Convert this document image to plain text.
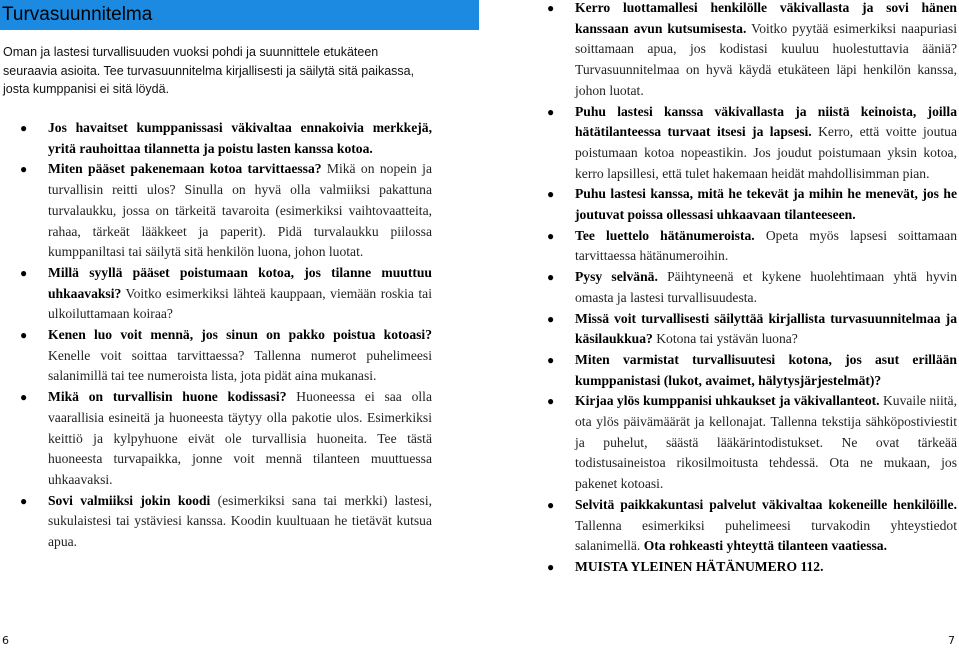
Turvasuunnitelma
Oman ja lastesi turvallisuuden vuoksi pohdi ja suunnittele etukäteen seuraavia asioita. Tee turvasuunnitelma kirjallisesti ja säilytä sitä paikassa, josta kumppanisi ei sitä löydä.
● Jos havaitset kumppanissasi väkivaltaa ennakoivia merkkejä, yritä rauhoittaa tilannetta ja poistu lasten kanssa kotoa.
● Miten pääset pakenemaan kotoa tarvittaessa? Mikä on nopein ja turvallisin reitti ulos? Sinulla on hyvä olla valmiiksi pakattuna turvalaukku, jossa on tärkeitä tavaroita (esimerkiksi vaihtovaatteita, rahaa, tärkeät lääkkeet ja paperit). Pidä turvalaukku piilossa kumppaniltasi tai säilytä sitä henkilön luona, johon luotat.
● Millä syyllä pääset poistumaan kotoa, jos tilanne muuttuu uhkaavaksi? Voitko esimerkiksi lähteä kauppaan, viemään roskia tai ulkoiluttamaan koiraa?
● Kenen luo voit mennä, jos sinun on pakko poistua kotoasi? Kenelle voit soittaa tarvittaessa? Tallenna numerot puhelimeesi salanimillä tai tee numeroista lista, jota pidät aina mukanasi.
● Mikä on turvallisin huone kodissasi? Huoneessa ei saa olla vaarallisia esineitä ja huoneesta täytyy olla pakotie ulos. Esimerkiksi keittiö ja kylpyhuone eivät ole turvallisia huoneita. Tee tästä huoneesta turvapaikka, jonne voit mennä tilanteen muuttuessa uhkaavaksi.
● Sovi valmiiksi jokin koodi (esimerkiksi sana tai merkki) lastesi, sukulaistesi tai ystäviesi kanssa. Koodin kuultuaan he tietävät kutsua apua.
● Kerro luottamallesi henkilölle väkivallasta ja sovi hänen kanssaan avun kutsumisesta. Voitko pyytää esimerkiksi naapuriasi soittamaan apua, jos kodistasi kuuluu huolestuttavia ääniä? Turvasuunnitelmaa on hyvä käydä etukäteen läpi henkilön kanssa, johon luotat.
● Puhu lastesi kanssa väkivallasta ja niistä keinoista, joilla hätätilanteessa turvaat itsesi ja lapsesi. Kerro, että voitte joutua poistumaan kotoa nopeastikin. Jos joudut poistumaan yksin kotoa, kerro lapsillesi, että tulet hakemaan heidät mahdollisimman pian.
● Puhu lastesi kanssa, mitä he tekevät ja mihin he menevät, jos he joutuvat poissa ollessasi uhkaavaan tilanteeseen.
● Tee luettelo hätänumeroista. Opeta myös lapsesi soittamaan tarvittaessa hätänumeroihin.
● Pysy selvänä. Päihtyneenä et kykene huolehtimaan yhtä hyvin omasta ja lastesi turvallisuudesta.
● Missä voit turvallisesti säilyttää kirjallista turvasuunnitelmaa ja käsilaukkua? Kotona tai ystävän luona?
● Miten varmistat turvallisuutesi kotona, jos asut erillään kumppanistasi (lukot, avaimet, hälytysjärjestelmät)?
● Kirjaa ylös kumppanisi uhkaukset ja väkivallanteot. Kuvaile niitä, ota ylös päivämäärät ja kellonajat. Tallenna tekstija sähköpostiviestit ja puhelut, säästä lääkärintodistukset. Ne ovat tärkeää todistusaineistoa rikosilmoitusta tehdessä. Ota ne mukaan, jos pakenet kotoasi.
● Selvitä paikkakuntasi palvelut väkivaltaa kokeneille henkilöille. Tallenna esimerkiksi puhelimeesi turvakodin yhteystiedot salanimellä. Ota rohkeasti yhteyttä tilanteen vaatiessa.
● MUISTA YLEINEN HÄTÄNUMERO 112.
6	7
